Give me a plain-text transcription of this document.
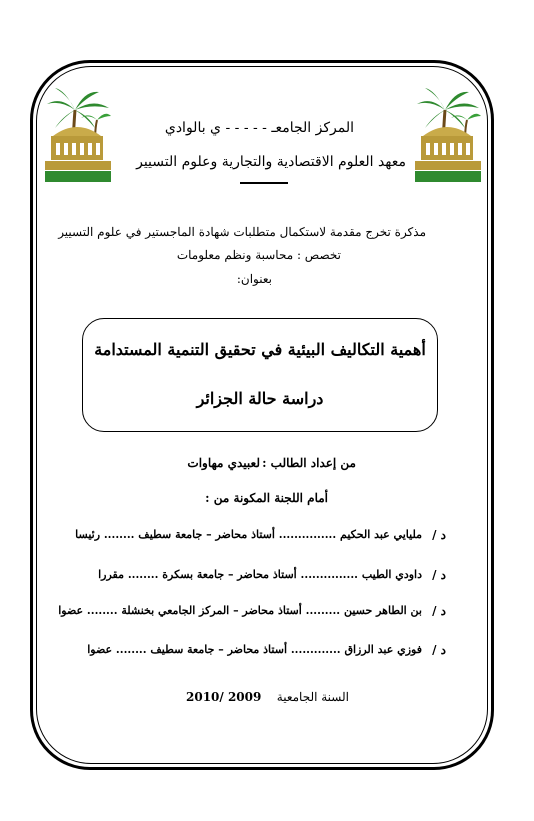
المركز الجامعـ - - - - - ي بالوادي
معهد العلوم الاقتصادية والتجارية وعلوم التسيير
مذكرة تخرج مقدمة لاستكمال متطلبات شهادة الماجستير في علوم التسيير
تخصص : محاسبة ونظم معلومات
بعنوان:
أهمية التكاليف البيئية في تحقيق التنمية المستدامة
دراسة حالة الجزائر
من إعداد الطالب :
لعبيدي مهاوات
أمام اللجنة المكونة من :
د /
مليايي عبد الحكيم ............... أستاذ محاضر – جامعة سطيف ........ رئيسا
د /
داودي الطيب ............... أستاذ محاضر – جامعة بسكرة ........ مقررا
د /
بن الطاهر حسين ......... أستاذ محاضر – المركز الجامعي بخنشلة ........ عضوا
د /
فوزي عبد الرزاق ............. أستاذ محاضر – جامعة سطيف ........ عضوا
السنة الجامعية
2010/ 2009
